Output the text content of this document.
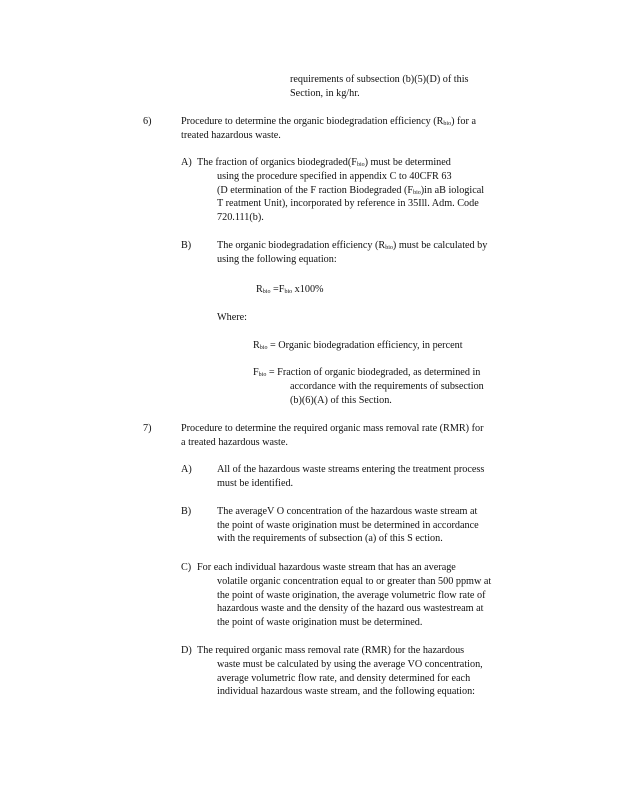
requirements of subsection (b)(5)(D) of this
Section, in kg/hr.
6)	Procedure to determine the organic biodegradation efficiency $(R_{bio})$ for a
treated hazardous waste.
A) The fraction of organics $biodegraded(F_{bio})$ must be determined
using the procedure specified in appendix C to 40CFR 63
(D etermination of the F raction Biodegraded $(F_{bio})in$ aB iological
T reatment Unit), incorporated by reference in 35Ill. Adm. Code
720.111(b).
B)	The organic biodegradation efficiency $(R_{bio})$ must be calculated by
using the following equation:
$R_{bio} =F_{bio}$ x100%
Where:
$R_{bio}$ = Organic biodegradation efficiency, in percent
$F_{bio}$ = Fraction of organic biodegraded, as determined in
accordance with the requirements of subsection
(b)(6)(A) of this Section.
7)	Procedure to determine the required organic mass removal rate (RMR) for
a treated hazardous waste.
A) All of the hazardous waste streams entering the treatment process
must be identified.
B)	The averageV O concentration of the hazardous waste stream at
the point of waste origination must be determined in accordance
with the requirements of subsection (a) of this S ection.
C) For each individual hazardous waste stream that has an average
volatile organic concentration equal to or greater than 500 ppmw at
the point of waste origination, the average volumetric flow rate of
hazardous waste and the density of the hazard ous wastestream at
the point of waste origination must be determined.
D) The required organic mass removal rate (RMR) for the hazardous
waste must be calculated by using the average VO concentration,
average volumetric flow rate, and density determined for each
individual hazardous waste stream, and the following equation:
